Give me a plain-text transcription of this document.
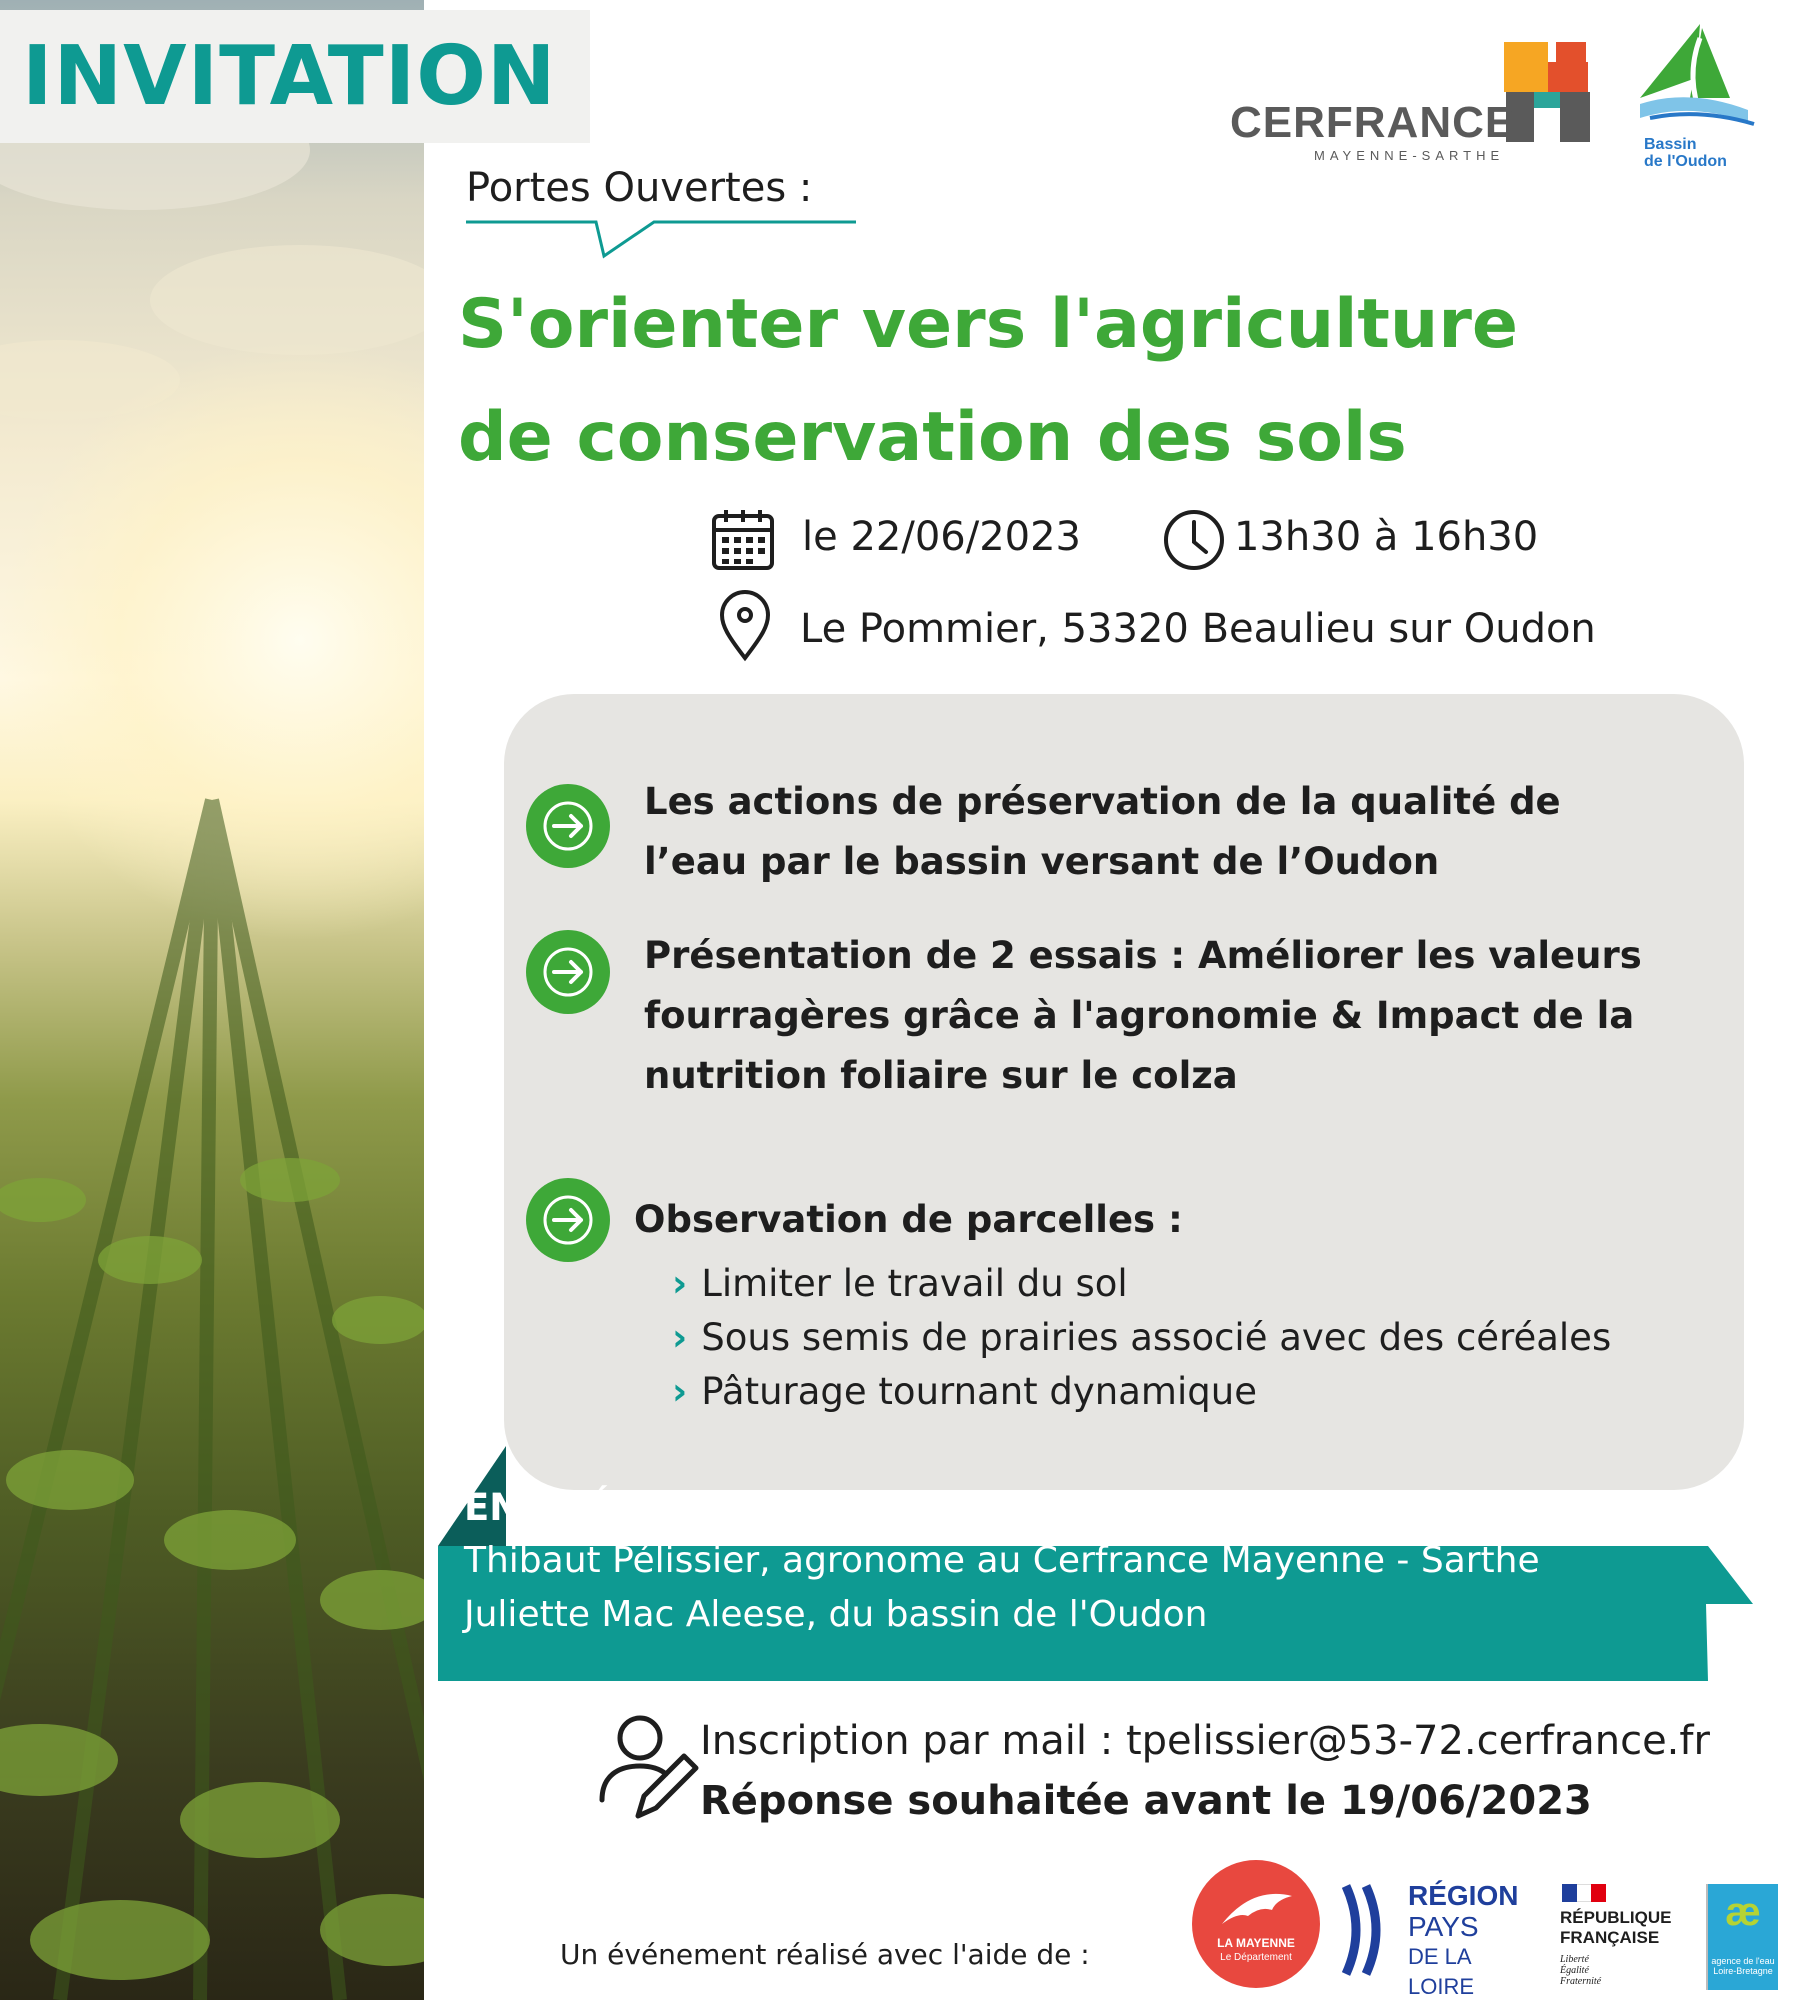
INVITATION	CERFRANCE
MAYENNE-SARTHE
Bassin
de l'Oudon
Portes Ouvertes :
S'orienter vers l'agriculture
de conservation des sols
le 22/06/2023	13h30 à 16h30
Le Pommier, 53320 Beaulieu sur Oudon
Les actions de préservation de la qualité de
l’eau par le bassin versant de l’Oudon
Présentation de 2 essais : Améliorer les valeurs
fourragères grâce à l'agronomie & Impact de la
nutrition foliaire sur le colza
Observation de parcelles :
› Limiter le travail du sol
› Sous semis de prairies associé avec des céréales
› Pâturage tournant dynamique
EN PRÉSENCE DE :
Thibaut Pélissier, agronome au Cerfrance Mayenne - Sarthe
Juliette Mac Aleese, du bassin de l'Oudon
Inscription par mail : tpelissier@53-72.cerfrance.fr
Réponse souhaitée avant le 19/06/2023
Un événement réalisé avec l'aide de :	LA MAYENNE
Le Département
RÉGION
PAYS
DE LA LOIRE
RÉPUBLIQUE
FRANÇAISE
Liberté Égalité Fraternité
æ
agence de l'eau Loire-Bretagne
